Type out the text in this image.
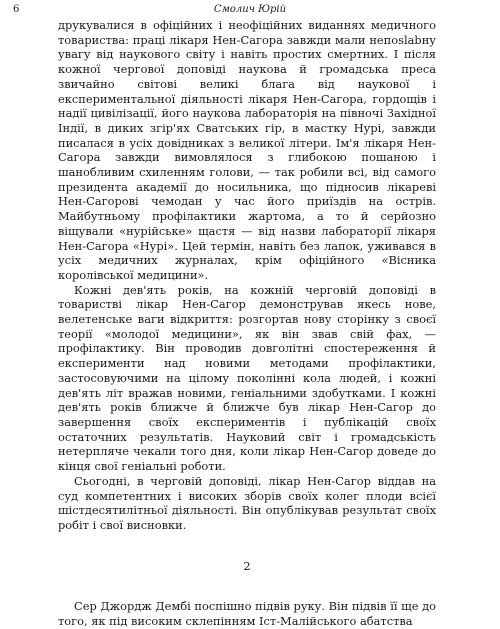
6	Смолич Юрій

друкувалися в офіційних і неофіційних виданнях медичного товариства: праці лікаря Нен-Сагора завжди мали непоslabну увагу від наукового світу і навіть простих смертних. І після кожної чергової доповіді наукова й громадська преса звичайно світові великі блага від наукової і експериментальної діяльності лікаря Нен-Сагора, гордощів і надії цивілізації, його наукова лабораторія на півночі Західної Індії, в диких згір'ях Сватських гір, в мастку Нурі, завжди писалася в усіх довідниках з великої літери. Ім'я лікаря Нен-Сагора завжди вимовлялося з глибокою пошаною і шанобливим схиленням голови, — так робили всі, від самого президента академії до носильника, що підносив лікареві Нен-Сагорові чемодан у час його приїздів на острів. Майбутньому профілактики жартома, а то й серйозно віщували «нурійське» щастя — від назви лабораторії лікаря Нен-Сагора «Нурі». Цей термін, навіть без лапок, уживався в усіх медичних журналах, крім офіційного «Вісника королівської медицини».

Кожні дев'ять років, на кожній черговій доповіді в товаристві лікар Нен-Сагор демонстрував якесь нове, велетенське ваги відкриття: розгортав нову сторінку з своєї теорії «молодої медицини», як він звав свій фах, — профілактику. Він проводив довголітні спостереження й експерименти над новими методами профілактики, застосовуючими на цілому поколінні кола людей, і кожні дев'ять літ вражав новими, геніальними здобутками. І кожні дев'ять років ближче й ближче був лікар Нен-Сагор до завершення своїх експериментів і публікацій своїх остаточних результатів. Науковий світ і громадськість нетерпляче чекали того дня, коли лікар Нен-Сагор доведе до кінця свої геніальні роботи.

Сьогодні, в черговій доповіді, лікар Нен-Сагор віддав на суд компетентних і високих зборів своїх колег плоди всієї шістдесятилітньої діяльності. Він опублікував результат своїх робіт і свої висновки.

2

Сер Джордж Дембі поспішно підвів руку. Він підвів її ще до того, як під високим склепінням Іст-Малійського абатства
